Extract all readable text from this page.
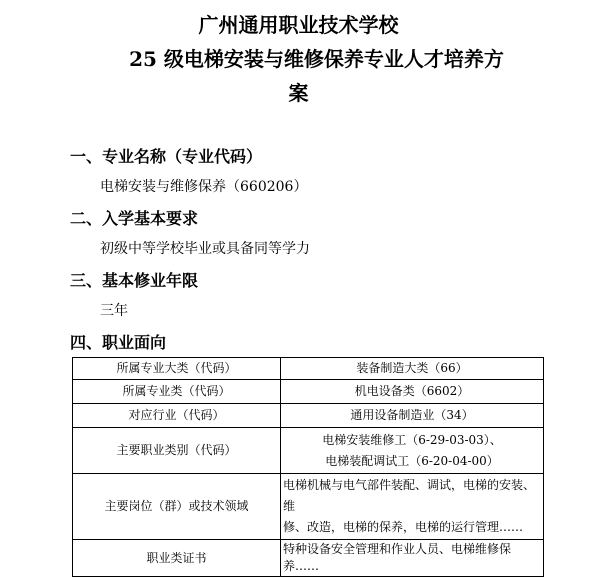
广州通用职业技术学校
25 级电梯安装与维修保养专业人才培养方
案
一、专业名称（专业代码）
电梯安装与维修保养（660206）
二、入学基本要求
初级中等学校毕业或具备同等学力
三、基本修业年限
三年
四、职业面向
所属专业大类（代码）	装备制造大类（66）
所属专业类（代码）	机电设备类（6602）
对应行业（代码）	通用设备制造业（34）
主要职业类别（代码）	电梯安装维修工（6-29-03-03）、
电梯装配调试工（6-20-04-00）

主要岗位（群）或技术领域	电梯机械与电气部件装配、调试，电梯的安装、维
修、改造，电梯的保养，电梯的运行管理……

职业类证书	特种设备安全管理和作业人员、电梯维修保养……
